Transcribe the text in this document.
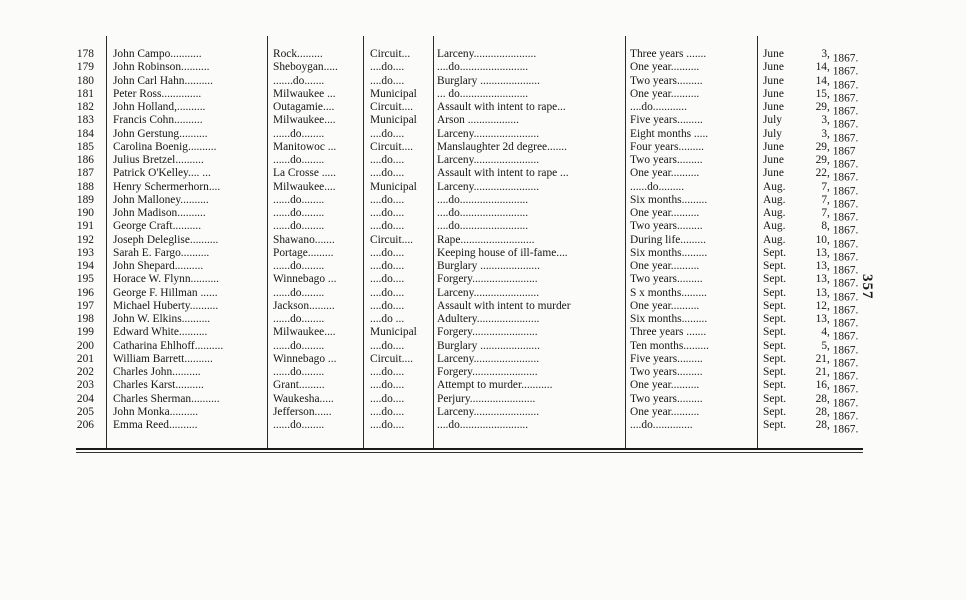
178 John Campo...........	Rock.........	Circuit...	Larceny......................	Three years .......	June	3, 1867.
179 John Robinson..........	Sheboygan.....	....do....	....do........................	One year..........	June	14, 1867.
180 John Carl Hahn..........	.......do.......	....do....	Burglary .....................	Two years.........	June	14, 1867.
181 Peter Ross..............	Milwaukee ...	Municipal	... do........................	One year..........	June	15, 1867.
182 John Holland,..........	Outagamie....	Circuit....	Assault with intent to rape...	....do............	June	29, 1867.
183 Francis Cohn..........	Milwaukee....	Municipal	Arson ..................	Five years.........	July	3, 1867.
184 John Gerstung..........	......do........	....do....	Larceny.......................	Eight months .....	July	3, 1867.
185 Carolina Boenig..........	Manitowoc ...	Circuit....	Manslaughter 2d degree.......	Four years.........	June	29, 1867
186 Julius Bretzel..........	......do........	....do....	Larceny.......................	Two years.........	June	29, 1867.
187 Patrick O'Kelley.... ...	La Crosse .....	....do....	Assault with intent to rape ...	One year..........	June	22, 1867.
188 Henry Schermerhorn....	Milwaukee....	Municipal	Larceny.......................	......do.........	Aug.	7, 1867.
189 John Malloney..........	......do........	....do....	....do........................	Six months.........	Aug.	7, 1867.
190 John Madison..........	......do........	....do....	....do........................	One year..........	Aug.	7, 1867.
191 George Craft..........	......do........	....do....	....do........................	Two years.........	Aug.	8, 1867.
192 Joseph Deleglise..........	Shawano.......	Circuit....	Rape..........................	During life.........	Aug.	10, 1867.
193 Sarah E. Fargo..........	Portage.........	....do....	Keeping house of ill-fame....	Six months.........	Sept.	13, 1867.
194 John Shepard..........	......do........	....do....	Burglary .....................	One year..........	Sept.	13, 1867.
195 Horace W. Flynn..........	Winnebago ...	....do....	Forgery.......................	Two years.........	Sept.	13, 1867.
196 George F. Hillman ......	......do........	....do....	Larceny.......................	S x months.........	Sept.	13, 1867.
197 Michael Huberty..........	Jackson.........	....do....	Assault with intent to murder	One year..........	Sept.	12, 1867.
198 John W. Elkins..........	......do........	....do ...	Adultery......................	Six months.........	Sept.	13, 1867.
199 Edward White..........	Milwaukee....	Municipal	Forgery.......................	Three years .......	Sept.	4, 1867.
200 Catharina Ehlhoff..........	......do........	....do....	Burglary .....................	Ten months.........	Sept.	5, 1867.
201 William Barrett..........	Winnebago ...	Circuit....	Larceny.......................	Five years.........	Sept.	21, 1867.
202 Charles John..........	......do........	....do....	Forgery.......................	Two years.........	Sept.	21, 1867.
203 Charles Karst..........	Grant.........	....do....	Attempt to murder...........	One year..........	Sept.	16, 1867.
204 Charles Sherman..........	Waukesha.....	....do....	Perjury.......................	Two years.........	Sept.	28, 1867.
205 John Monka..........	Jefferson......	....do....	Larceny.......................	One year..........	Sept.	28, 1867.
206 Emma Reed..........	......do........	....do....	....do........................	....do..............	Sept.	28, 1867.
357
